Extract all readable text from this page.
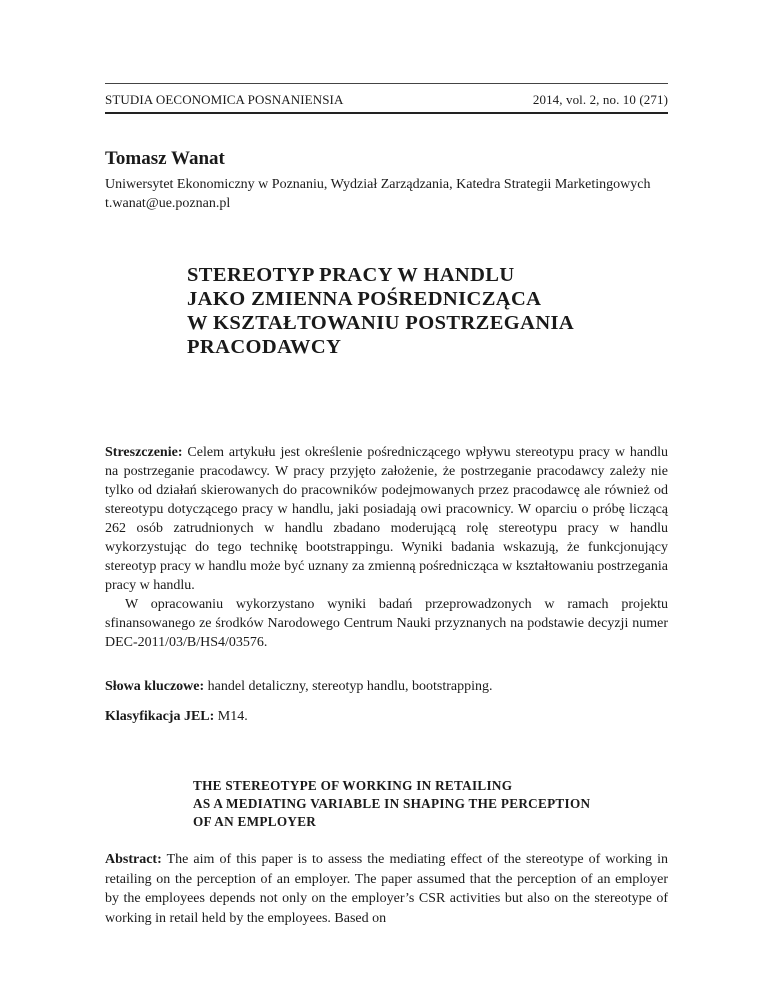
STUDIA OECONOMICA POSNANIENSIA	2014, vol. 2, no. 10 (271)
Tomasz Wanat
Uniwersytet Ekonomiczny w Poznaniu, Wydział Zarządzania, Katedra Strategii Marketingowych
t.wanat@ue.poznan.pl
STEREOTYP PRACY W HANDLU
JAKO ZMIENNA POŚREDNICZĄCA
W KSZTAŁTOWANIU POSTRZEGANIA
PRACODAWCY

Streszczenie: Celem artykułu jest określenie pośredniczącego wpływu stereotypu pracy w handlu na postrzeganie pracodawcy. W pracy przyjęto założenie, że postrzeganie pracodawcy zależy nie tylko od działań skierowanych do pracowników podejmowanych przez pracodawcę ale również od stereotypu dotyczącego pracy w handlu, jaki posiadają owi pracownicy. W oparciu o próbę liczącą 262 osób zatrudnionych w handlu zbadano moderującą rolę stereotypu pracy w handlu wykorzystując do tego technikę bootstrappingu. Wyniki badania wskazują, że funkcjonujący stereotyp pracy w handlu może być uznany za zmienną pośrednicząca w kształtowaniu postrzegania pracy w handlu.

W opracowaniu wykorzystano wyniki badań przeprowadzonych w ramach projektu sfinansowanego ze środków Narodowego Centrum Nauki przyznanych na podstawie decyzji numer DEC-2011/03/B/HS4/03576.

Słowa kluczowe: handel detaliczny, stereotyp handlu, bootstrapping.
Klasyfikacja JEL: M14.
THE STEREOTYPE OF WORKING IN RETAILING
AS A MEDIATING VARIABLE IN SHAPING THE PERCEPTION
OF AN EMPLOYER

Abstract: The aim of this paper is to assess the mediating effect of the stereotype of working in retailing on the perception of an employer. The paper assumed that the perception of an employer by the employees depends not only on the employer’s CSR activities but also on the stereotype of working in retail held by the employees. Based on
